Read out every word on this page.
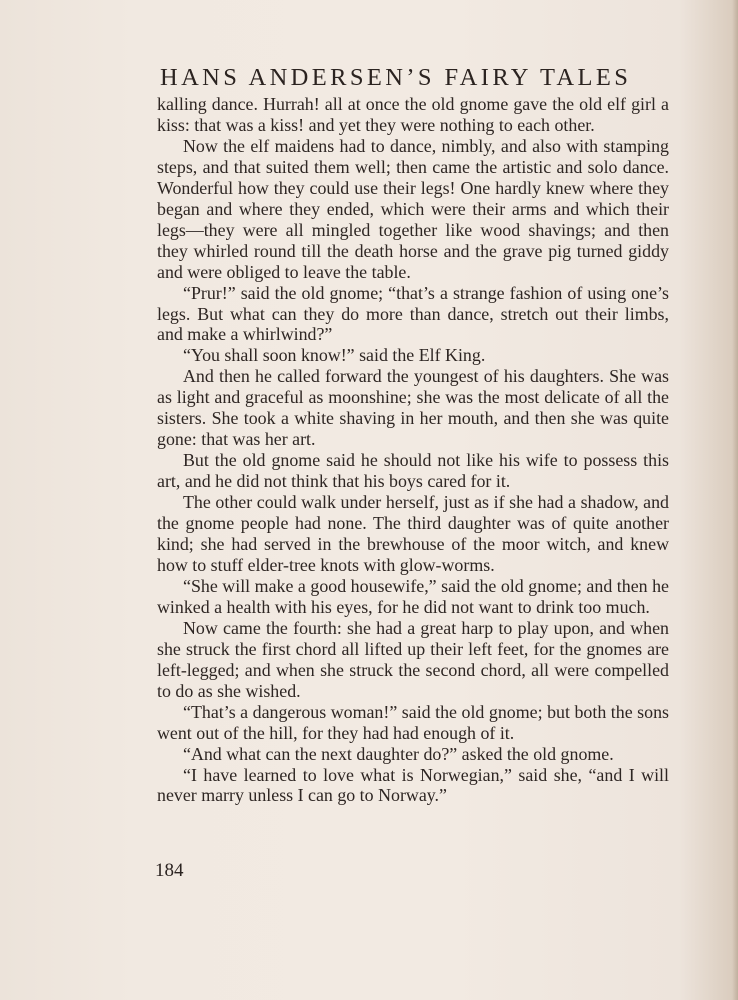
HANS ANDERSEN’S FAIRY TALES

kalling dance. Hurrah! all at once the old gnome gave the old elf girl a kiss: that was a kiss! and yet they were nothing to each other.

Now the elf maidens had to dance, nimbly, and also with stamping steps, and that suited them well; then came the artistic and solo dance. Wonderful how they could use their legs! One hardly knew where they began and where they ended, which were their arms and which their legs—they were all mingled together like wood shavings; and then they whirled round till the death horse and the grave pig turned giddy and were obliged to leave the table.

“Prur!” said the old gnome; “that’s a strange fashion of using one’s legs. But what can they do more than dance, stretch out their limbs, and make a whirlwind?”

“You shall soon know!” said the Elf King.

And then he called forward the youngest of his daughters. She was as light and graceful as moonshine; she was the most delicate of all the sisters. She took a white shaving in her mouth, and then she was quite gone: that was her art.

But the old gnome said he should not like his wife to possess this art, and he did not think that his boys cared for it.

The other could walk under herself, just as if she had a shadow, and the gnome people had none. The third daughter was of quite another kind; she had served in the brewhouse of the moor witch, and knew how to stuff elder-tree knots with glow-worms.

“She will make a good housewife,” said the old gnome; and then he winked a health with his eyes, for he did not want to drink too much.

Now came the fourth: she had a great harp to play upon, and when she struck the first chord all lifted up their left feet, for the gnomes are left-legged; and when she struck the second chord, all were compelled to do as she wished.

“That’s a dangerous woman!” said the old gnome; but both the sons went out of the hill, for they had had enough of it.

“And what can the next daughter do?” asked the old gnome.

“I have learned to love what is Norwegian,” said she, “and I will never marry unless I can go to Norway.”

184
